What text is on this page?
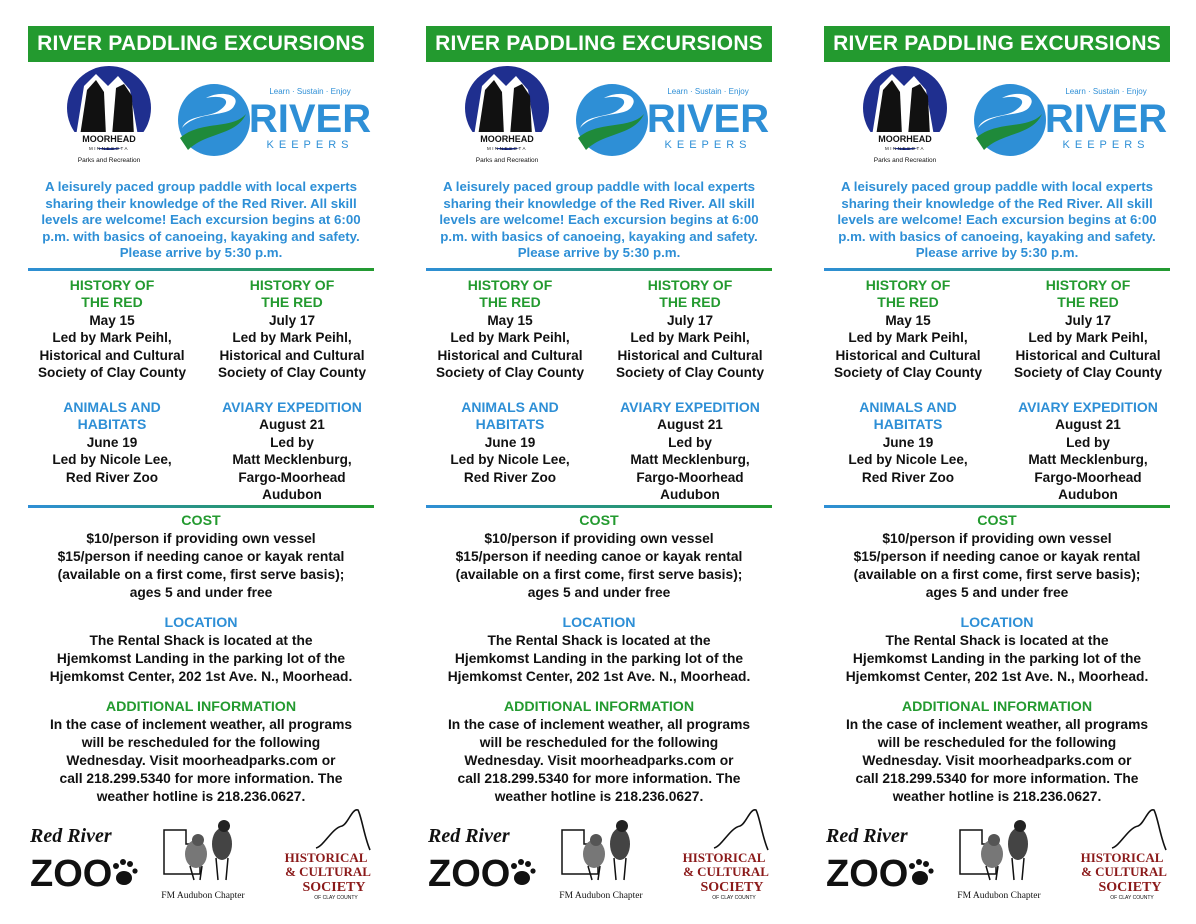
RIVER PADDLING EXCURSIONS
MOORHEAD
MINNESOTA
Parks and Recreation
Learn · Sustain · Enjoy
RIVER
KEEPERS
A leisurely paced group paddle with local experts sharing their knowledge of the Red River. All skill levels are welcome! Each excursion begins at 6:00 p.m. with basics of canoeing, kayaking and safety. Please arrive by 5:30 p.m.
HISTORY OF
THE RED
May 15
Led by Mark Peihl,
Historical and Cultural
Society of Clay County
HISTORY OF
THE RED
July 17
Led by Mark Peihl,
Historical and Cultural
Society of Clay County
ANIMALS AND
HABITATS
June 19
Led by Nicole Lee,
Red River Zoo
AVIARY EXPEDITION
August 21
Led by
Matt Mecklenburg,
Fargo-Moorhead
Audubon
COST
$10/person if providing own vessel
$15/person if needing canoe or kayak rental
(available on a first come, first serve basis);
ages 5 and under free
LOCATION
The Rental Shack is located at the
Hjemkomst Landing in the parking lot of the
Hjemkomst Center, 202 1st Ave. N., Moorhead.
ADDITIONAL INFORMATION
In the case of inclement weather, all programs
will be rescheduled for the following
Wednesday. Visit moorheadparks.com or
call 218.299.5340 for more information. The
weather hotline is 218.236.0627.
Red River
ZOO
FM Audubon Chapter
HISTORICAL
& CULTURAL
SOCIETY
OF CLAY COUNTY
RIVER PADDLING EXCURSIONS
MOORHEAD
MINNESOTA
Parks and Recreation
Learn · Sustain · Enjoy
RIVER
KEEPERS
A leisurely paced group paddle with local experts sharing their knowledge of the Red River. All skill levels are welcome! Each excursion begins at 6:00 p.m. with basics of canoeing, kayaking and safety. Please arrive by 5:30 p.m.
HISTORY OF
THE RED
May 15
Led by Mark Peihl,
Historical and Cultural
Society of Clay County
HISTORY OF
THE RED
July 17
Led by Mark Peihl,
Historical and Cultural
Society of Clay County
ANIMALS AND
HABITATS
June 19
Led by Nicole Lee,
Red River Zoo
AVIARY EXPEDITION
August 21
Led by
Matt Mecklenburg,
Fargo-Moorhead
Audubon
COST
$10/person if providing own vessel
$15/person if needing canoe or kayak rental
(available on a first come, first serve basis);
ages 5 and under free
LOCATION
The Rental Shack is located at the
Hjemkomst Landing in the parking lot of the
Hjemkomst Center, 202 1st Ave. N., Moorhead.
ADDITIONAL INFORMATION
In the case of inclement weather, all programs
will be rescheduled for the following
Wednesday. Visit moorheadparks.com or
call 218.299.5340 for more information. The
weather hotline is 218.236.0627.
Red River
ZOO
FM Audubon Chapter
HISTORICAL
& CULTURAL
SOCIETY
OF CLAY COUNTY
RIVER PADDLING EXCURSIONS
MOORHEAD
MINNESOTA
Parks and Recreation
Learn · Sustain · Enjoy
RIVER
KEEPERS
A leisurely paced group paddle with local experts sharing their knowledge of the Red River. All skill levels are welcome! Each excursion begins at 6:00 p.m. with basics of canoeing, kayaking and safety. Please arrive by 5:30 p.m.
HISTORY OF
THE RED
May 15
Led by Mark Peihl,
Historical and Cultural
Society of Clay County
HISTORY OF
THE RED
July 17
Led by Mark Peihl,
Historical and Cultural
Society of Clay County
ANIMALS AND
HABITATS
June 19
Led by Nicole Lee,
Red River Zoo
AVIARY EXPEDITION
August 21
Led by
Matt Mecklenburg,
Fargo-Moorhead
Audubon
COST
$10/person if providing own vessel
$15/person if needing canoe or kayak rental
(available on a first come, first serve basis);
ages 5 and under free
LOCATION
The Rental Shack is located at the
Hjemkomst Landing in the parking lot of the
Hjemkomst Center, 202 1st Ave. N., Moorhead.
ADDITIONAL INFORMATION
In the case of inclement weather, all programs
will be rescheduled for the following
Wednesday. Visit moorheadparks.com or
call 218.299.5340 for more information. The
weather hotline is 218.236.0627.
Red River
ZOO
FM Audubon Chapter
HISTORICAL
& CULTURAL
SOCIETY
OF CLAY COUNTY
